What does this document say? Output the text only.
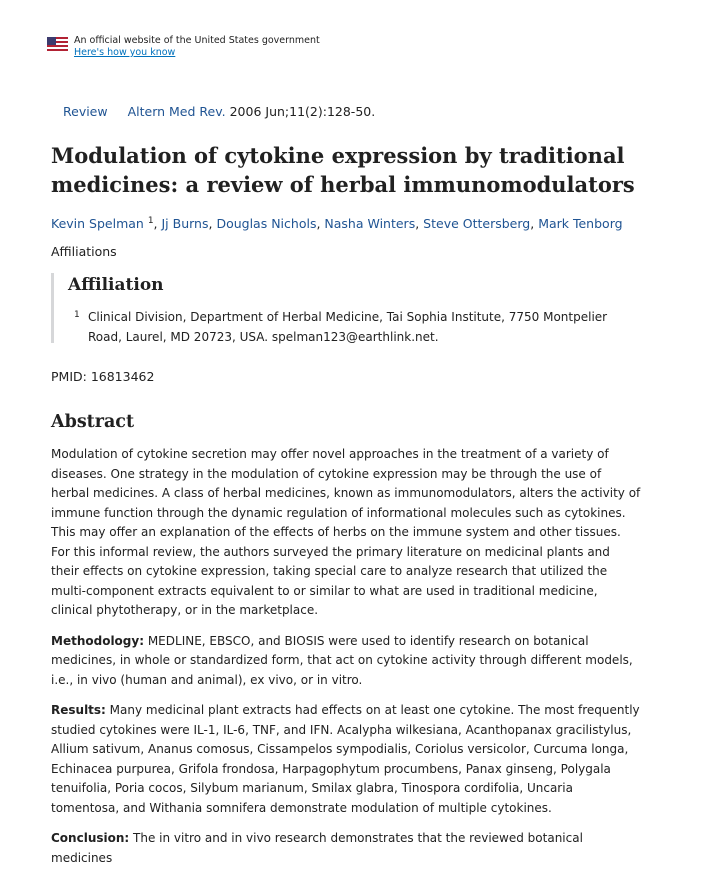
An official website of the United States government
Here's how you know
Review Altern Med Rev. 2006 Jun;11(2):128-50.
Modulation of cytokine expression by traditional medicines: a review of herbal immunomodulators
Kevin Spelman $^1$, Jj Burns, Douglas Nichols, Nasha Winters, Steve Ottersberg, Mark Tenborg
Affiliations
Affiliation
1 Clinical Division, Department of Herbal Medicine, Tai Sophia Institute, 7750 Montpelier Road, Laurel, MD 20723, USA. spelman123@earthlink.net.
PMID: 16813462
Abstract

Modulation of cytokine secretion may offer novel approaches in the treatment of a variety of diseases. One strategy in the modulation of cytokine expression may be through the use of herbal medicines. A class of herbal medicines, known as immunomodulators, alters the activity of immune function through the dynamic regulation of informational molecules such as cytokines. This may offer an explanation of the effects of herbs on the immune system and other tissues. For this informal review, the authors surveyed the primary literature on medicinal plants and their effects on cytokine expression, taking special care to analyze research that utilized the multi-component extracts equivalent to or similar to what are used in traditional medicine, clinical phytotherapy, or in the marketplace.

Methodology: MEDLINE, EBSCO, and BIOSIS were used to identify research on botanical medicines, in whole or standardized form, that act on cytokine activity through different models, i.e., in vivo (human and animal), ex vivo, or in vitro.

Results: Many medicinal plant extracts had effects on at least one cytokine. The most frequently studied cytokines were IL-1, IL-6, TNF, and IFN. Acalypha wilkesiana, Acanthopanax gracilistylus, Allium sativum, Ananus comosus, Cissampelos sympodialis, Coriolus versicolor, Curcuma longa, Echinacea purpurea, Grifola frondosa, Harpagophytum procumbens, Panax ginseng, Polygala tenuifolia, Poria cocos, Silybum marianum, Smilax glabra, Tinospora cordifolia, Uncaria tomentosa, and Withania somnifera demonstrate modulation of multiple cytokines.

Conclusion: The in vitro and in vivo research demonstrates that the reviewed botanical medicines
